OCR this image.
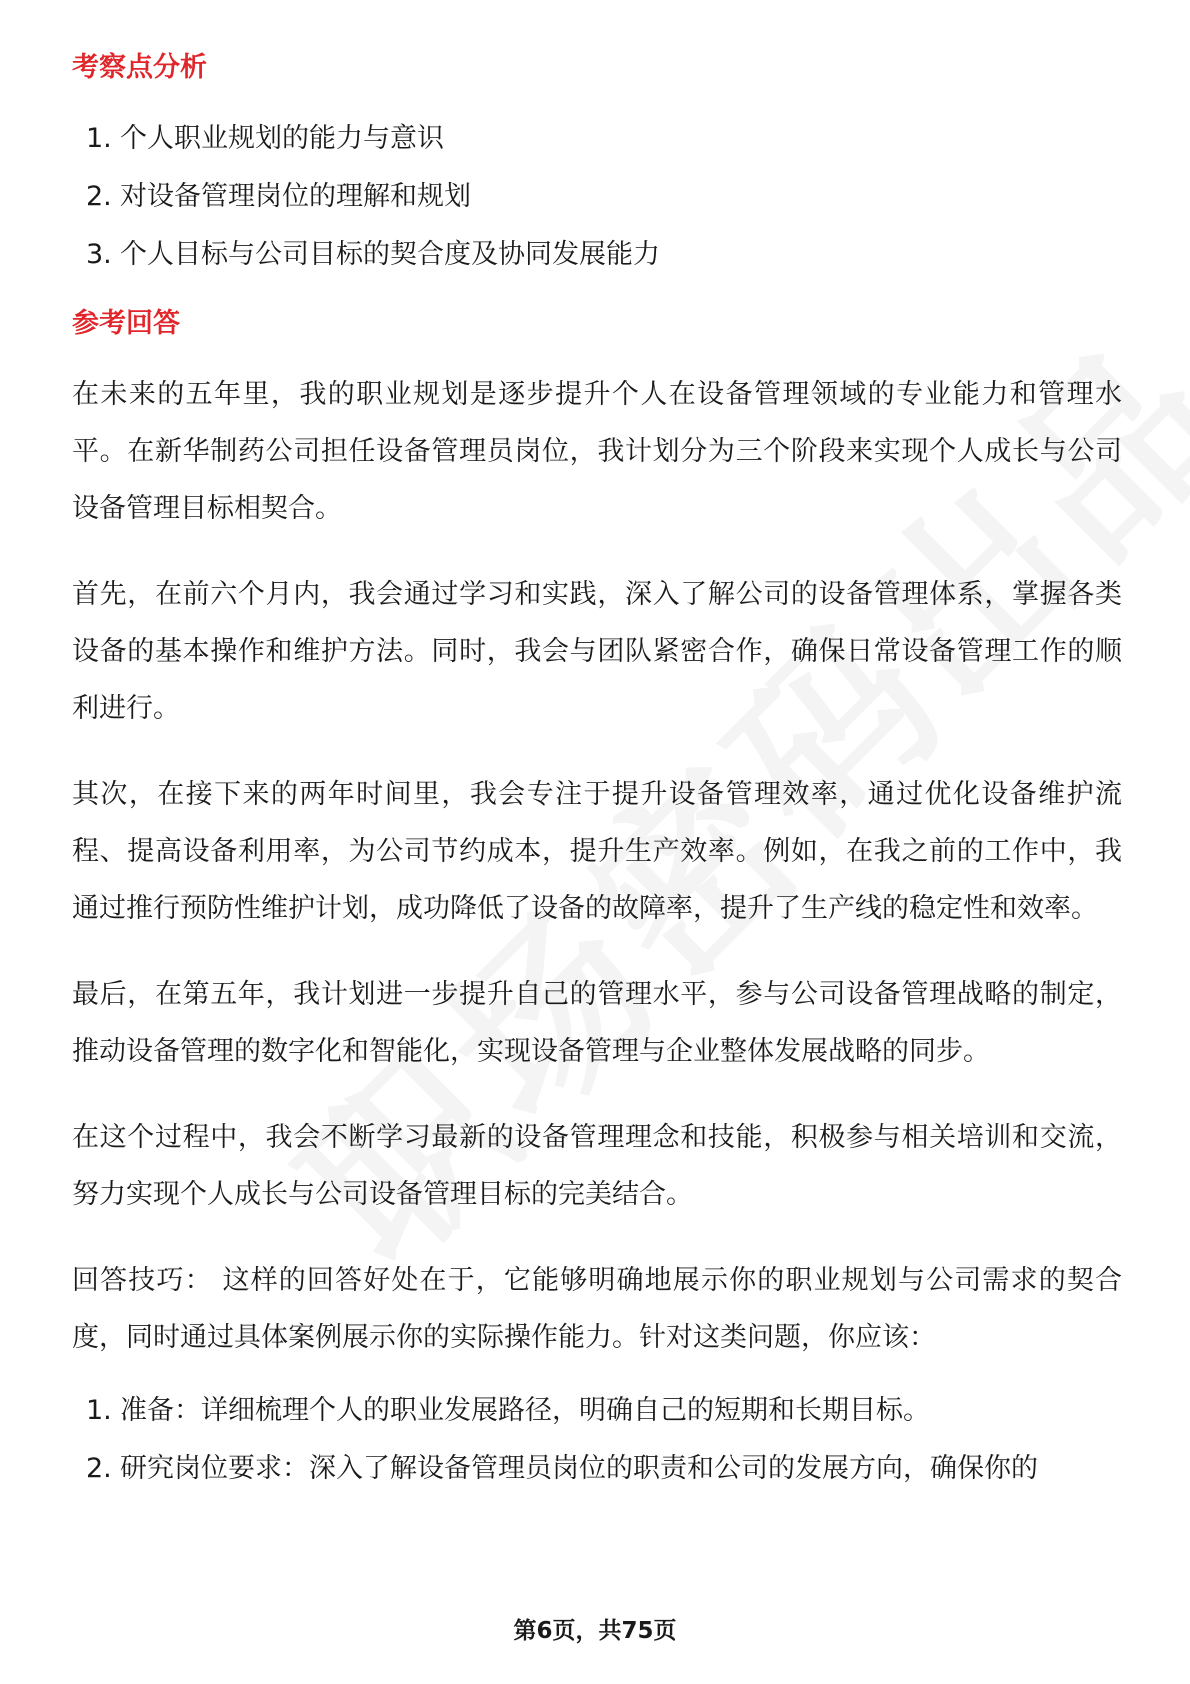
考察点分析
1. 个人职业规划的能力与意识
2. 对设备管理岗位的理解和规划
3. 个人目标与公司目标的契合度及协同发展能力
参考回答

在未来的五年里，我的职业规划是逐步提升个人在设备管理领域的专业能力和管理水平。在新华制药公司担任设备管理员岗位，我计划分为三个阶段来实现个人成长与公司设备管理目标相契合。

首先，在前六个月内，我会通过学习和实践，深入了解公司的设备管理体系，掌握各类设备的基本操作和维护方法。同时，我会与团队紧密合作，确保日常设备管理工作的顺利进行。

其次，在接下来的两年时间里，我会专注于提升设备管理效率，通过优化设备维护流程、提高设备利用率，为公司节约成本，提升生产效率。例如，在我之前的工作中，我通过推行预防性维护计划，成功降低了设备的故障率，提升了生产线的稳定性和效率。

最后，在第五年，我计划进一步提升自己的管理水平，参与公司设备管理战略的制定，推动设备管理的数字化和智能化，实现设备管理与企业整体发展战略的同步。

在这个过程中，我会不断学习最新的设备管理理念和技能，积极参与相关培训和交流，努力实现个人成长与公司设备管理目标的完美结合。

回答技巧： 这样的回答好处在于，它能够明确地展示你的职业规划与公司需求的契合度，同时通过具体案例展示你的实际操作能力。针对这类问题，你应该：

1. 准备：详细梳理个人的职业发展路径，明确自己的短期和长期目标。
2. 研究岗位要求：深入了解设备管理员岗位的职责和公司的发展方向，确保你的
第6页，共75页
